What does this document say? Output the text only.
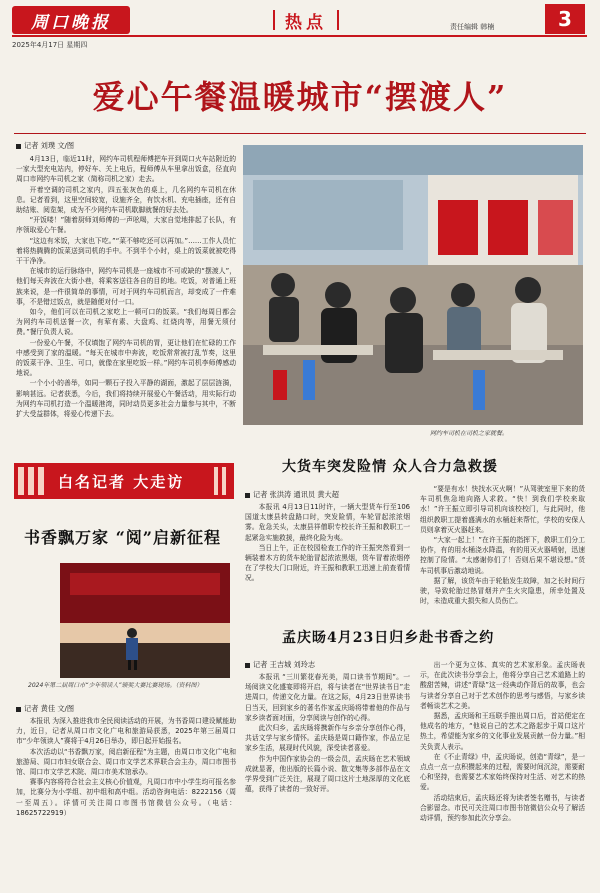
周口晚报
2025年4月17日 星期四
热点	责任编辑 韩楠	3
爱心午餐温暖城市“摆渡人”
记者 刘璞 文/图

4月13日，临近11时，网约车司机程师傅把车开到周口火车站附近的一家大型充电站内，停好车、关上电后，程师傅从车里拿出饭盒，径直向周口市网约车司机之家（简称司机之家）走去。

开着空调的司机之家内，四五张灰色的桌上，几名网约车司机在休息。记者看到，这里空间较宽，设施齐全，有饮水机、充电插座，还有自助结账、阅览架，成为不少网约车司机歇脚就餐的好去处。

“开饭喽！”随着厨师刘师傅的一声吆喝，大家自觉地排起了长队，有序领取爱心午餐。

“这边有米饭，大家也下吃。”“菜不够吃还可以再加。”……工作人员忙着将热腾腾的饭菜送到司机的手中。不到半个小时，桌上的饭菜就被吃得干干净净。

在城市的运行脉络中，网约车司机是一座城市不可或缺的“摆渡人”，他们每天奔波在大街小巷，将乘客送往各自的目的地。吃饭，对普通上班族来说，是一件很简单的事情，可对于网约车司机而言，却变成了一件难事，不是错过饭点，就是随便对付一口。

如今，他们可以在司机之家吃上一顿可口的饭菜。“我们每周日都会为网约车司机送餐一次，有荤有素、大盘鸡、红烧肉等，用餐无须付费。”餐厅负责人说。

一份爱心午餐，不仅填饱了网约车司机的胃，更让他们在忙碌的工作中感受到了家的温暖。“每天在城市中奔波，吃饭常常被打乱节奏，这里的饭菜干净、卫生、可口，就像在家里吃饭一样。”网约车司机李师傅感动地说。

一个小小的善举，如同一颗石子投入平静的湖面，激起了层层涟漪，影响甚远。记者获悉，今后，我们将持续开展爱心午餐活动，用实际行动为网约车司机打造一个温暖港湾，同时动员更多社会力量参与其中，不断扩大受益群体，将爱心传递下去。

网约车司机在司机之家就餐。
白名记者 大走访
书香飘万家 “阅”启新征程
2024年第二届周口市“少年领读人”颁奖大赛比赛现场。（资料图）
记者 黄佳 文/图

本报讯 为深入推进我市全民阅读活动的开展，为书香周口建设赋能助力，近日，记者从周口市文化广电和旅游局获悉，2025年第三届周口市“少年领读人”赛将于4月26日举办，即日起开始报名。

本次活动以“书香飘万家，阅启新征程”为主题，由周口市文化广电和旅游局、周口市妇女联合会、周口市文学艺术界联合会主办，周口市图书馆、周口市文学艺术院、周口市美术馆承办。

赛事内容将符合社会主义核心价值观，凡周口市中小学生均可报名参加，比赛分为小学组、初中组和高中组。活动咨询电话：8222156（周一至周五）。详情可关注周口市图书馆微信公众号。（电话：18625722919）

大货车突发险情 众人合力急救援
记者 张洪涛 通讯员 黄大超

本报讯 4月13日11时许，一辆大型货车行至106国道太康县转盘路口时，突发险情，车轮冒起浓浓烟雾。危急关头，太康县祥僧职专校长许王振和教职工一起紧急实施救援，最终化险为夷。

当日上午，正在校园检查工作的许王振突然看到一辆装着木方的货车轮胎冒起浓浓黑烟，货车冒着浓烟停在了学校大门口附近，许王振和教职工迅速上前查看情况。

“要是有水！快找水灭火啊！”从驾驶室里下来的货车司机焦急地向路人求救。“快！到我们学校来取水！”许王振立即引导司机向该校校门，与此同时，他组织教职工提着盛满水的水桶赶来帮忙，学校的安保人员则拿着灭火器赶来。

“大家一起上！”在许王振的指挥下，教职工们分工协作，有的用水桶浇水降温，有的用灭火器喷射，迅速控制了险情。“太感谢你们了！否则后果不堪设想。”货车司机事后激动地说。

据了解，该货车由于轮胎发生故障，加之长时间行驶，导致轮胎过热冒烟并产生火灾隐患，所幸处置及时，未造成重大损失和人员伤亡。

孟庆旸4月23日归乡赴书香之约
记者 王吉城 刘玲志

本报讯 “三川繁花春光美，周口读书节期间”。一场阅读文化盛宴即将开启，将与读者在“世界读书日”走进周口，传递文化力量。在这之际，4月23日世界读书日当天，回到家乡的著名作家孟庆旸将带着他的作品与家乡读者面对面，分享阅读与创作的心得。

此次归乡，孟庆旸将携新作与乡亲分享创作心得，共话文学与家乡情怀。孟庆旸是周口籍作家，作品立足家乡生活，展现时代风貌，深受读者喜爱。

作为中国作家协会的一级会员，孟庆旸在艺术领域成就显著，他出版的长篇小说、散文集等多部作品在文学界受到广泛关注，展现了周口这片土地深厚的文化底蕴，获得了读者的一致好评。

出一个更为立体、真实的艺术家形象。孟庆旸表示，在此次读书分享会上，他将分享自己艺术道路上的酸甜苦辣，讲述“青绿”这一经典动作背后的故事，也会与读者分享自己对于艺术创作的思考与感悟，与家乡读者畅谈艺术之美。

据悉，孟庆旸和王珏联手推出周口后，首站便定在他成名的地方，“他说自己的艺术之路起步于周口这片热土，希望能为家乡的文化事业发展贡献一份力量。”相关负责人表示。

在《不止青绿》中，孟庆旸说，创造“青绿”，是一点点一点一点积攒起来的过程，需要时间沉淀，需要耐心和坚持，也需要艺术家始终保持对生活、对艺术的热爱。

活动结束后，孟庆旸还将为读者签名赠书，与读者合影留念。市民可关注周口市图书馆微信公众号了解活动详情，预约参加此次分享会。
